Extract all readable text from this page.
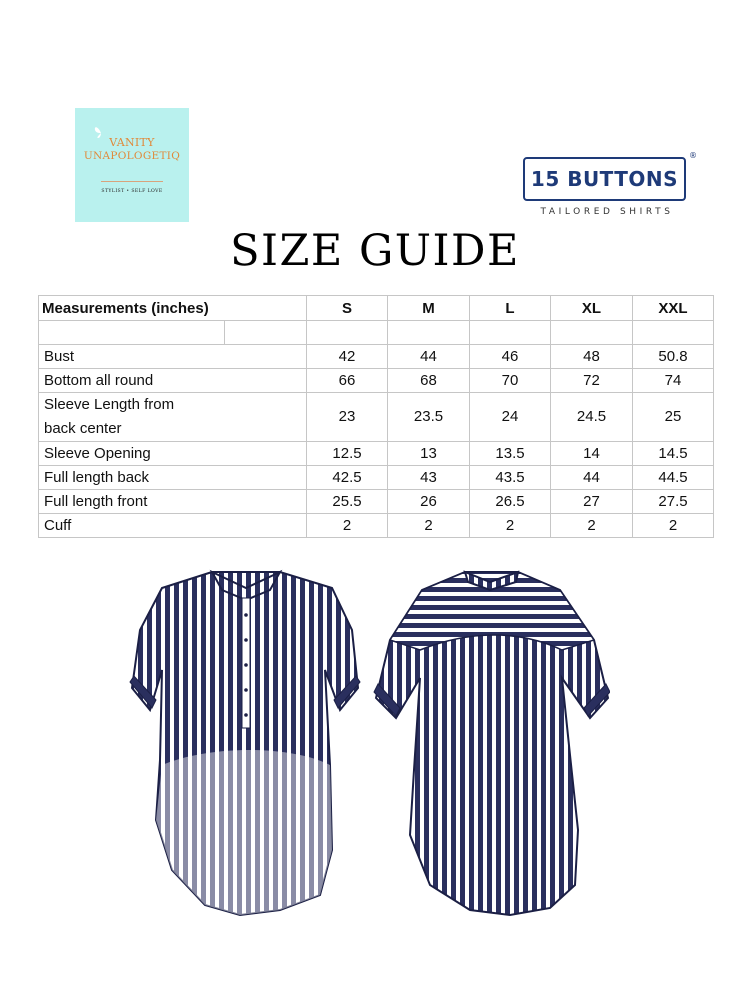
VANITY
UNAPOLOGETIQ
STYLIST • SELF LOVE
15 BUTTONS
®
TAILORED SHIRTS
SIZE GUIDE
Measurements (inches)		S	M	L	XL	XXL

Bust		42	44	46	48	50.8
Bottom all round		66	68	70	72	74
Sleeve Length from
back center		23	23.5	24	24.5	25
Sleeve Opening		12.5	13	13.5	14	14.5
Full length back		42.5	43	43.5	44	44.5
Full length front		25.5	26	26.5	27	27.5
Cuff		2	2	2	2	2
